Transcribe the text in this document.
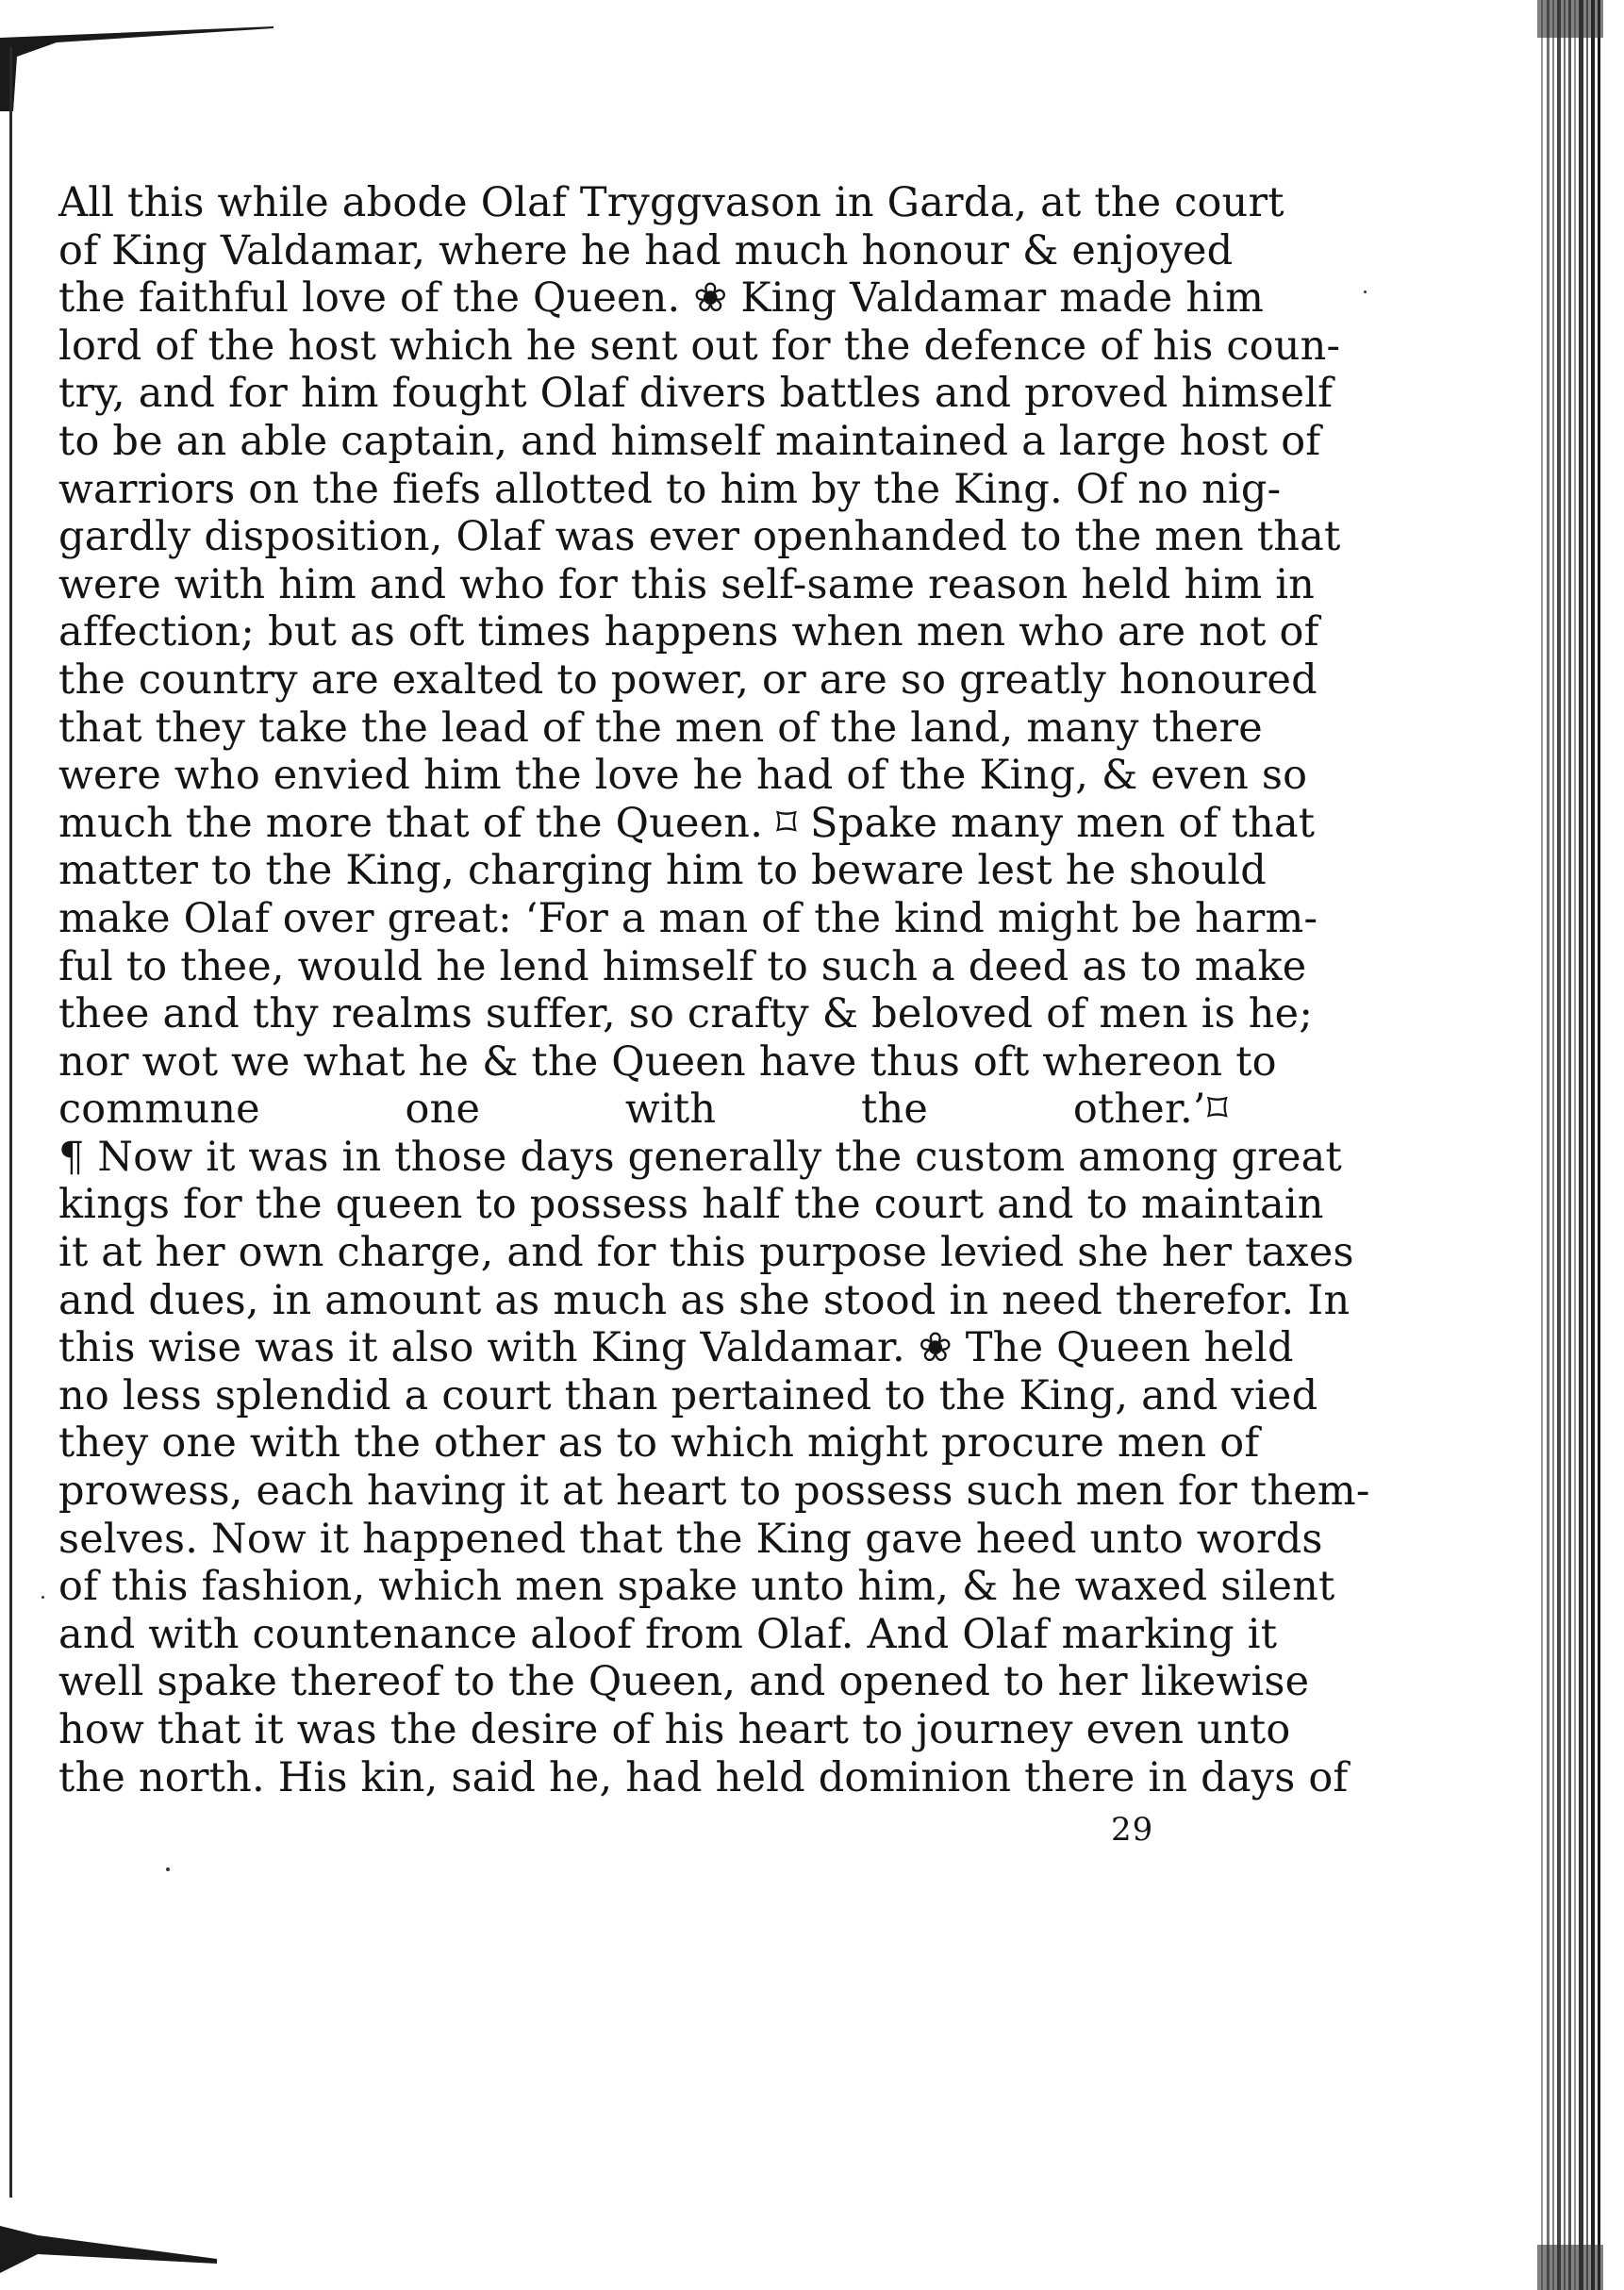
All this while abode Olaf Tryggvason in Garda, at the court
of King Valdamar, where he had much honour & enjoyed
the faithful love of the Queen. ❀ King Valdamar made him
lord of the host which he sent out for the defence of his coun-
try, and for him fought Olaf divers battles and proved himself
to be an able captain, and himself maintained a large host of
warriors on the fiefs allotted to him by the King. Of no nig-
gardly disposition, Olaf was ever openhanded to the men that
were with him and who for this self-same reason held him in
affection; but as oft times happens when men who are not of
the country are exalted to power, or are so greatly honoured
that they take the lead of the men of the land, many there
were who envied him the love he had of the King, & even so
much the more that of the Queen. ⌑ Spake many men of that
matter to the King, charging him to beware lest he should
make Olaf over great: ‘For a man of the kind might be harm-
ful to thee, would he lend himself to such a deed as to make
thee and thy realms suffer, so crafty & beloved of men is he;
nor wot we what he & the Queen have thus oft whereon to
commune one with the other.’⌑
¶ Now it was in those days generally the custom among great
kings for the queen to possess half the court and to maintain
it at her own charge, and for this purpose levied she her taxes
and dues, in amount as much as she stood in need therefor. In
this wise was it also with King Valdamar. ❀ The Queen held
no less splendid a court than pertained to the King, and vied
they one with the other as to which might procure men of
prowess, each having it at heart to possess such men for them-
selves. Now it happened that the King gave heed unto words
of this fashion, which men spake unto him, & he waxed silent
and with countenance aloof from Olaf. And Olaf marking it
well spake thereof to the Queen, and opened to her likewise
how that it was the desire of his heart to journey even unto
the north. His kin, said he, had held dominion there in days of
29
